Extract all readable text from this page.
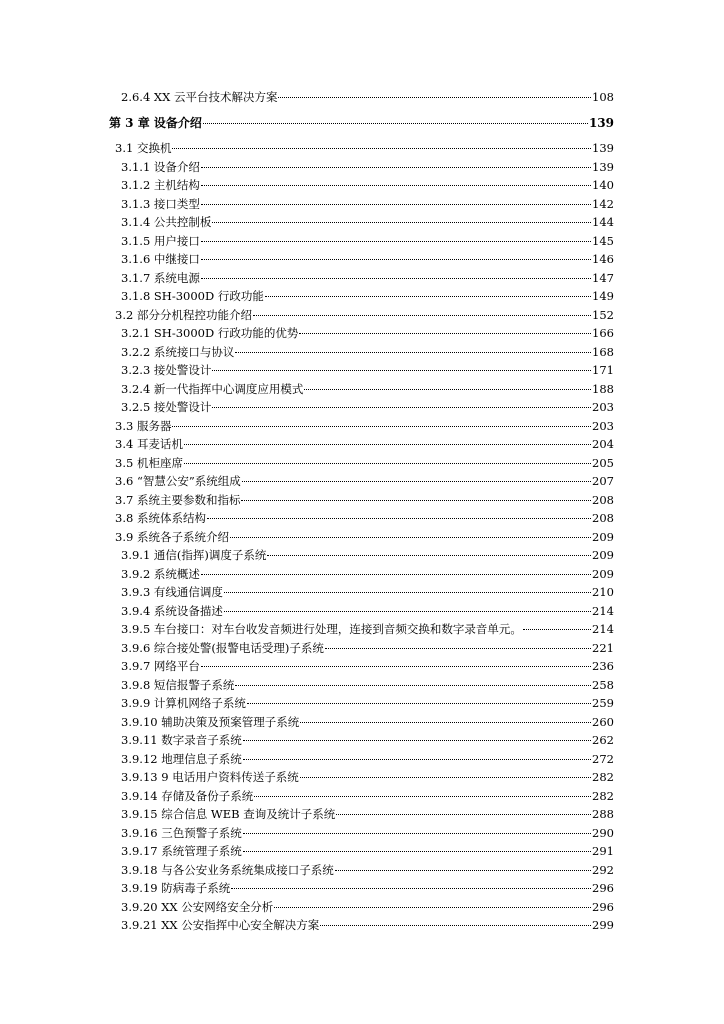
2.6.4 XX 云平台技术解决方案	108
第 3 章 设备介绍	139
3.1 交换机	139
3.1.1 设备介绍	139
3.1.2 主机结构	140
3.1.3 接口类型	142
3.1.4 公共控制板	144
3.1.5 用户接口	145
3.1.6 中继接口	146
3.1.7 系统电源	147
3.1.8 SH-3000D 行政功能	149
3.2 部分分机程控功能介绍	152
3.2.1 SH-3000D 行政功能的优势	166
3.2.2 系统接口与协议	168
3.2.3 接处警设计	171
3.2.4 新一代指挥中心调度应用模式	188
3.2.5 接处警设计	203
3.3 服务器	203
3.4 耳麦话机	204
3.5 机柜座席	205
3.6 “智慧公安”系统组成	207
3.7 系统主要参数和指标	208
3.8 系统体系结构	208
3.9 系统各子系统介绍	209
3.9.1 通信(指挥)调度子系统	209
3.9.2 系统概述	209
3.9.3 有线通信调度	210
3.9.4 系统设备描述	214
3.9.5 车台接口：对车台收发音频进行处理，连接到音频交换和数字录音单元。	214
3.9.6 综合接处警(报警电话受理)子系统	221
3.9.7 网络平台	236
3.9.8 短信报警子系统	258
3.9.9 计算机网络子系统	259
3.9.10 辅助决策及预案管理子系统	260
3.9.11 数字录音子系统	262
3.9.12 地理信息子系统	272
3.9.13 9 电话用户资料传送子系统	282
3.9.14 存储及备份子系统	282
3.9.15 综合信息 WEB 查询及统计子系统	288
3.9.16 三色预警子系统	290
3.9.17 系统管理子系统	291
3.9.18 与各公安业务系统集成接口子系统	292
3.9.19 防病毒子系统	296
3.9.20 XX 公安网络安全分析	296
3.9.21 XX 公安指挥中心安全解决方案	299
